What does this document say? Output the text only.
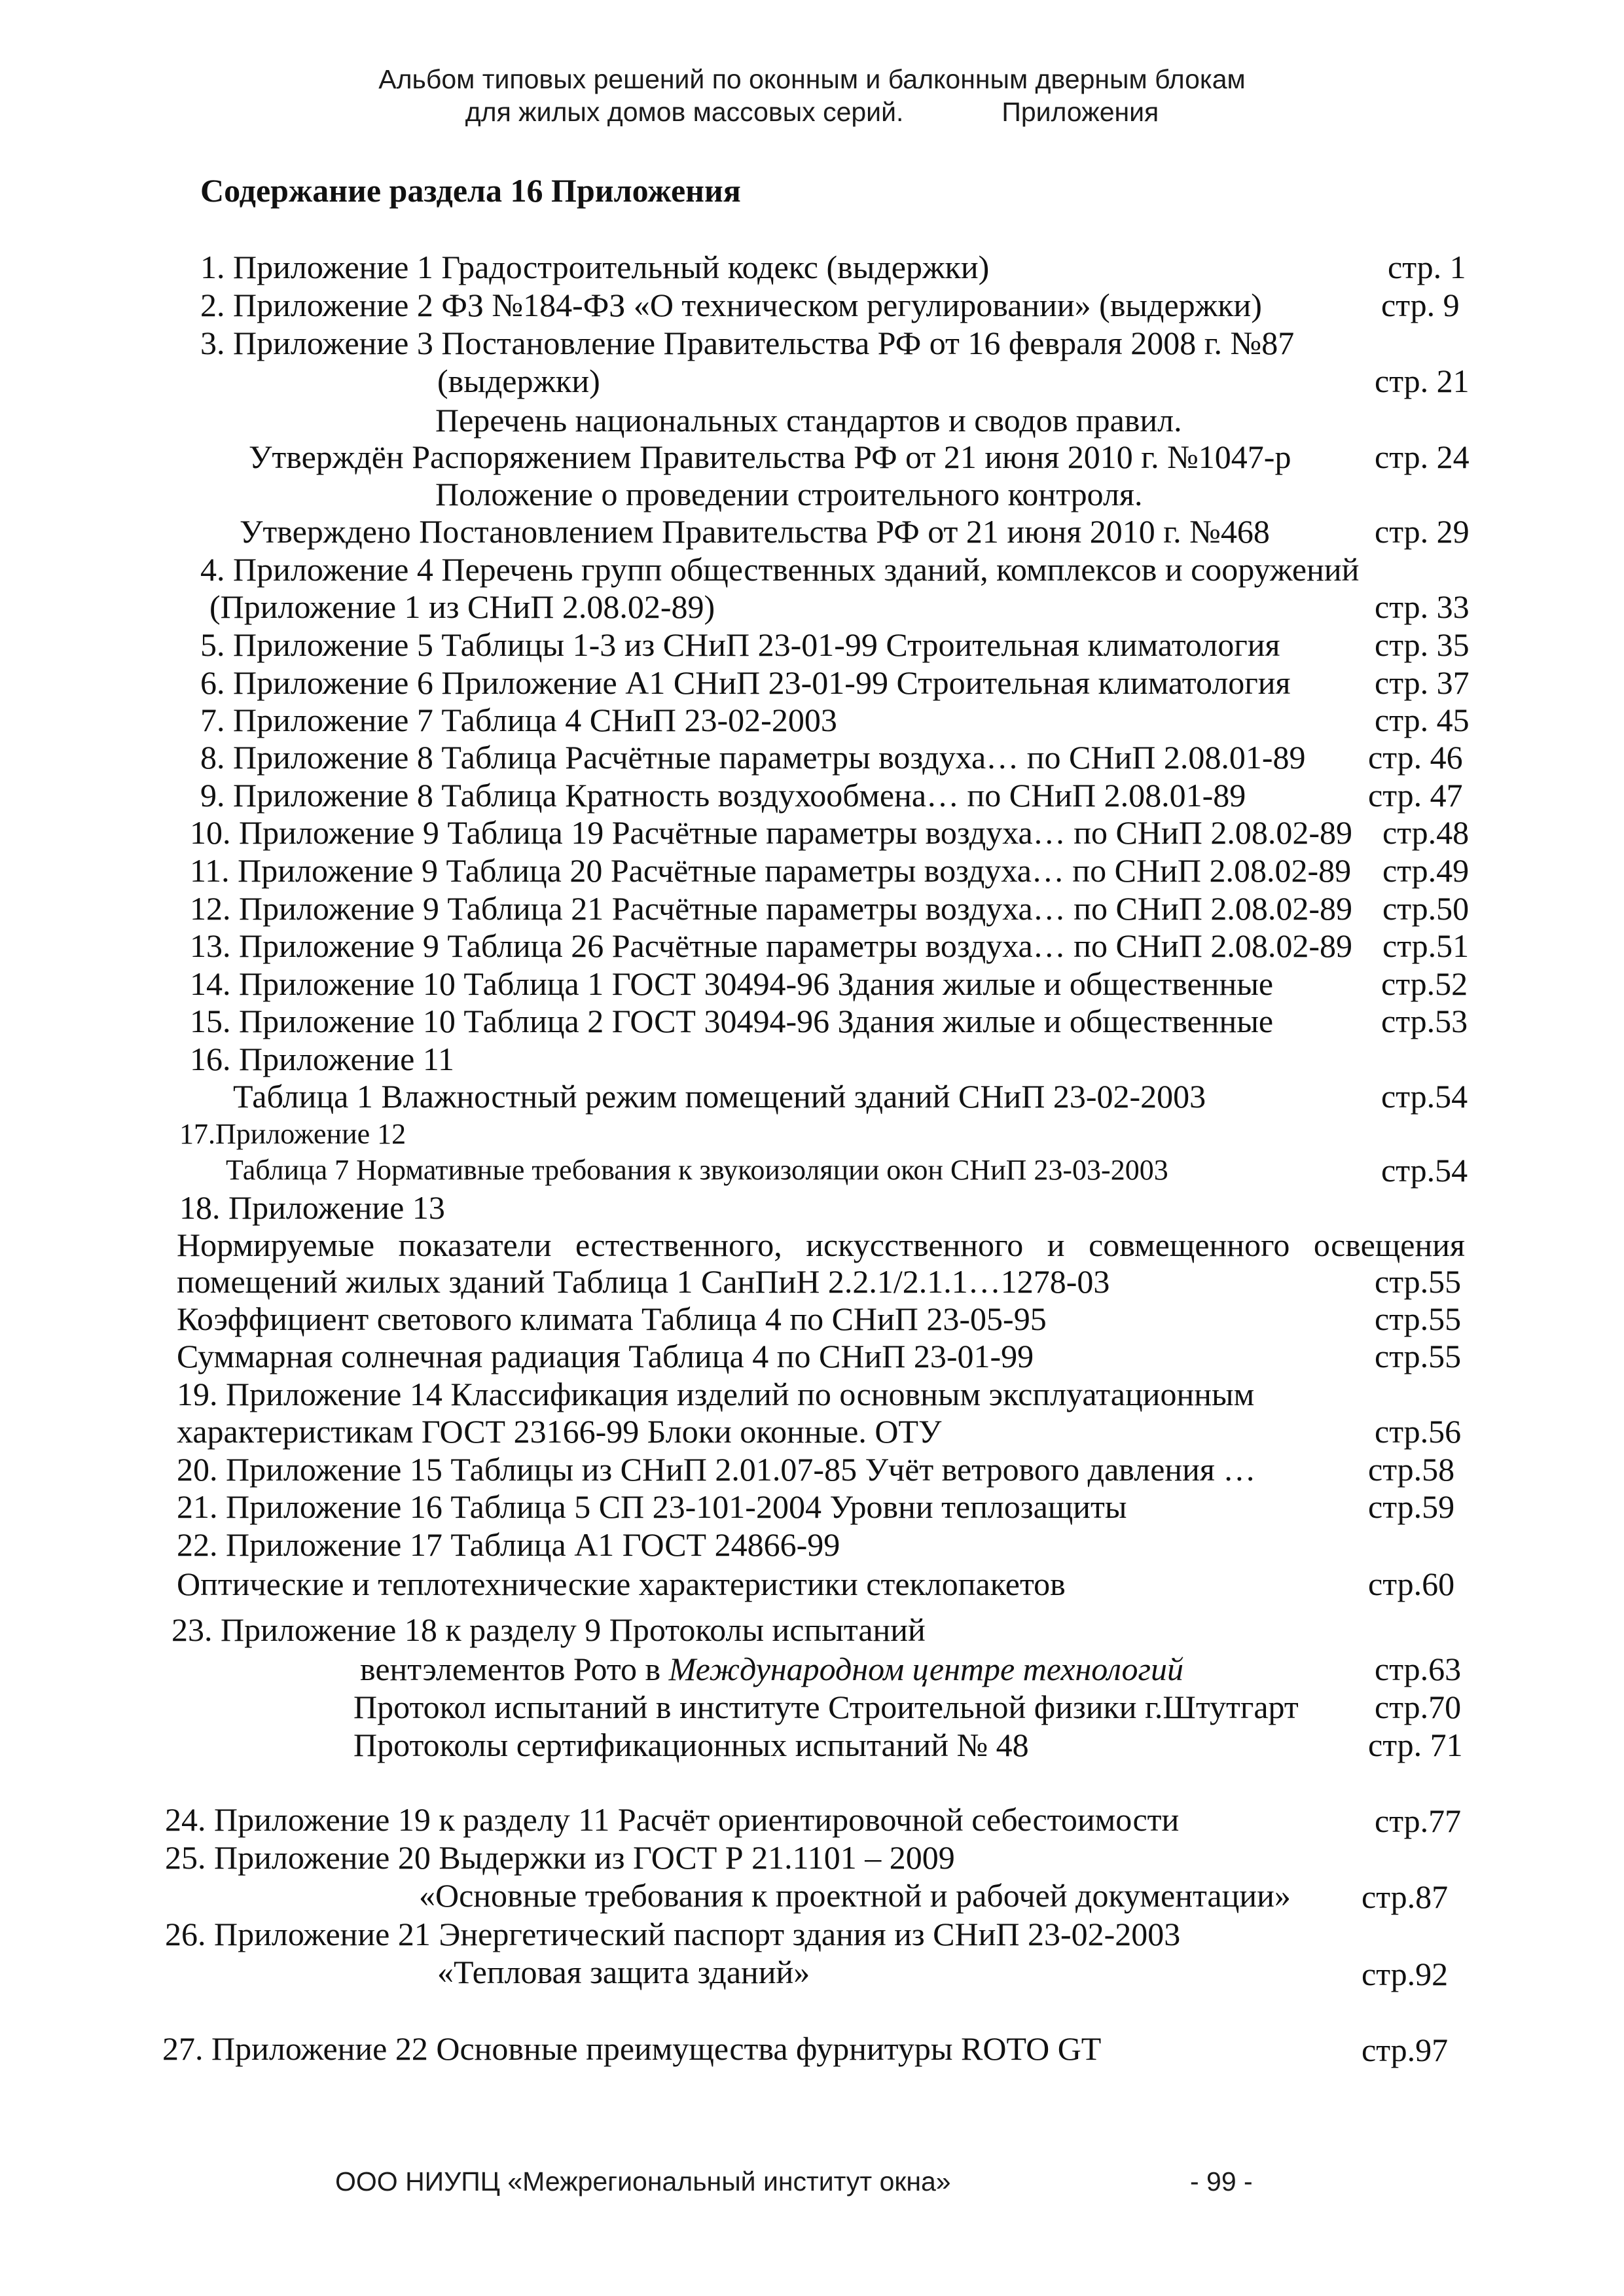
Альбом типовых решений по оконным и балконным дверным блокам
для жилых домов массовых серий.	Приложения
Содержание раздела 16 Приложения
1. Приложение 1 Градостроительный кодекс (выдержки)	стр. 1
2. Приложение 2 ФЗ №184-ФЗ «О техническом регулировании» (выдержки)	стр. 9
3. Приложение 3 Постановление Правительства РФ от 16 февраля 2008 г. №87
(выдержки)	стр. 21
Перечень национальных стандартов и сводов правил.
Утверждён Распоряжением Правительства РФ от 21 июня 2010 г. №1047-р	стр. 24
Положение о проведении строительного контроля.
Утверждено Постановлением Правительства РФ от 21 июня 2010 г. №468	стр. 29
4. Приложение 4 Перечень групп общественных зданий, комплексов и сооружений
(Приложение 1 из СНиП 2.08.02-89)	стр. 33
5. Приложение 5 Таблицы 1-3 из СНиП 23-01-99 Строительная климатология	стр. 35
6. Приложение 6 Приложение А1 СНиП 23-01-99 Строительная климатология	стр. 37
7. Приложение 7 Таблица 4 СНиП 23-02-2003	стр. 45
8. Приложение 8 Таблица Расчётные параметры воздуха… по СНиП 2.08.01-89 стр. 46
9. Приложение 8 Таблица Кратность воздухообмена… по СНиП 2.08.01-89	стр. 47
10. Приложение 9 Таблица 19 Расчётные параметры воздуха… по СНиП 2.08.02-89 стр.48
11. Приложение 9 Таблица 20 Расчётные параметры воздуха… по СНиП 2.08.02-89 стр.49
12. Приложение 9 Таблица 21 Расчётные параметры воздуха… по СНиП 2.08.02-89 стр.50
13. Приложение 9 Таблица 26 Расчётные параметры воздуха… по СНиП 2.08.02-89 стр.51
14. Приложение 10 Таблица 1 ГОСТ 30494-96 Здания жилые и общественные	стр.52
15. Приложение 10 Таблица 2 ГОСТ 30494-96 Здания жилые и общественные	стр.53
16. Приложение 11
Таблица 1 Влажностный режим помещений зданий СНиП 23-02-2003	стр.54
17.Приложение 12
Таблица 7 Нормативные требования к звукоизоляции окон СНиП 23-03-2003	стр.54
18. Приложение 13
Нормируемые показатели естественного, искусственного и совмещенного освещения
помещений жилых зданий Таблица 1 СанПиН 2.2.1/2.1.1…1278-03	стр.55
Коэффициент светового климата Таблица 4 по СНиП 23-05-95	стр.55
Суммарная солнечная радиация Таблица 4 по СНиП 23-01-99	стр.55
19. Приложение 14 Классификация изделий по основным эксплуатационным
характеристикам ГОСТ 23166-99 Блоки оконные. ОТУ	стр.56
20. Приложение 15 Таблицы из СНиП 2.01.07-85 Учёт ветрового давления …	стр.58
21. Приложение 16 Таблица 5 СП 23-101-2004 Уровни теплозащиты	стр.59
22. Приложение 17 Таблица А1 ГОСТ 24866-99
Оптические и теплотехнические характеристики стеклопакетов	стр.60
23. Приложение 18 к разделу 9 Протоколы испытаний
вентэлементов Рото в Международном центре технологий	стр.63
Протокол испытаний в институте Строительной физики г.Штутгарт стр.70
Протоколы сертификационных испытаний № 48	стр. 71
24. Приложение 19 к разделу 11 Расчёт ориентировочной себестоимости	стр.77
25. Приложение 20 Выдержки из ГОСТ Р 21.1101 – 2009
«Основные требования к проектной и рабочей документации» стр.87
26. Приложение 21 Энергетический паспорт здания из СНиП 23-02-2003
«Тепловая защита зданий»	стр.92
27. Приложение 22 Основные преимущества фурнитуры ROTO GT	стр.97
ООО НИУПЦ «Межрегиональный институт окна»	- 99 -
